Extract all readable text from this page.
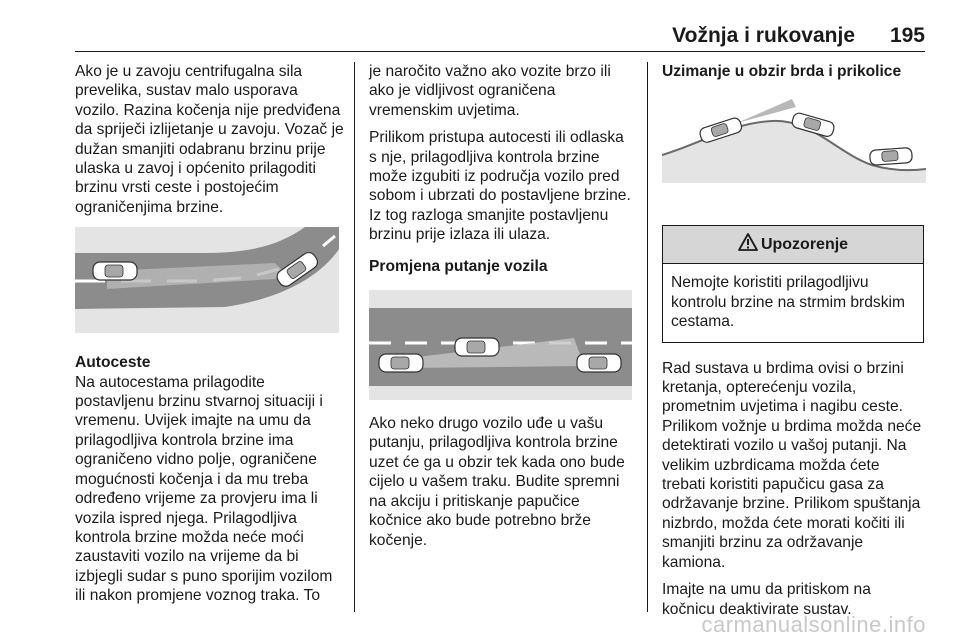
Vožnja i rukovanje 195

Ako je u zavoju centrifugalna sila prevelika, sustav malo usporava vozilo. Razina kočenja nije predviđena da spriječi izlijetanje u zavoju. Vozač je dužan smanjiti odabranu brzinu prije ulaska u zavoj i općenito prilagoditi brzinu vrsti ceste i postojećim ograničenjima brzine.

Autoceste

Na autocestama prilagodite postavljenu brzinu stvarnoj situaciji i vremenu. Uvijek imajte na umu da prilagodljiva kontrola brzine ima ograničeno vidno polje, ograničene mogućnosti kočenja i da mu treba određeno vrijeme za provjeru ima li vozila ispred njega. Prilagodljiva kontrola brzine možda neće moći zaustaviti vozilo na vrijeme da bi izbjegli sudar s puno sporijim vozilom ili nakon promjene voznog traka. To

je naročito važno ako vozite brzo ili ako je vidljivost ograničena vremenskim uvjetima.

Prilikom pristupa autocesti ili odlaska s nje, prilagodljiva kontrola brzine može izgubiti iz područja vozilo pred sobom i ubrzati do postavljene brzine. Iz tog razloga smanjite postavljenu brzinu prije izlaza ili ulaza.

Promjena putanje vozila

Ako neko drugo vozilo uđe u vašu putanju, prilagodljiva kontrola brzine uzet će ga u obzir tek kada ono bude cijelo u vašem traku. Budite spremni na akciju i pritiskanje papučice kočnice ako bude potrebno brže kočenje.

Uzimanje u obzir brda i prikolice
Upozorenje
Nemojte koristiti prilagodljivu kontrolu brzine na strmim brdskim cestama.

Rad sustava u brdima ovisi o brzini kretanja, opterećenju vozila, prometnim uvjetima i nagibu ceste. Prilikom vožnje u brdima možda neće detektirati vozilo u vašoj putanji. Na velikim uzbrdicama možda ćete trebati koristiti papučicu gasa za održavanje brzine. Prilikom spuštanja nizbrdo, možda ćete morati kočiti ili smanjiti brzinu za održavanje kamiona.

Imajte na umu da pritiskom na kočnicu deaktivirate sustav.

carmanualsonline.info
